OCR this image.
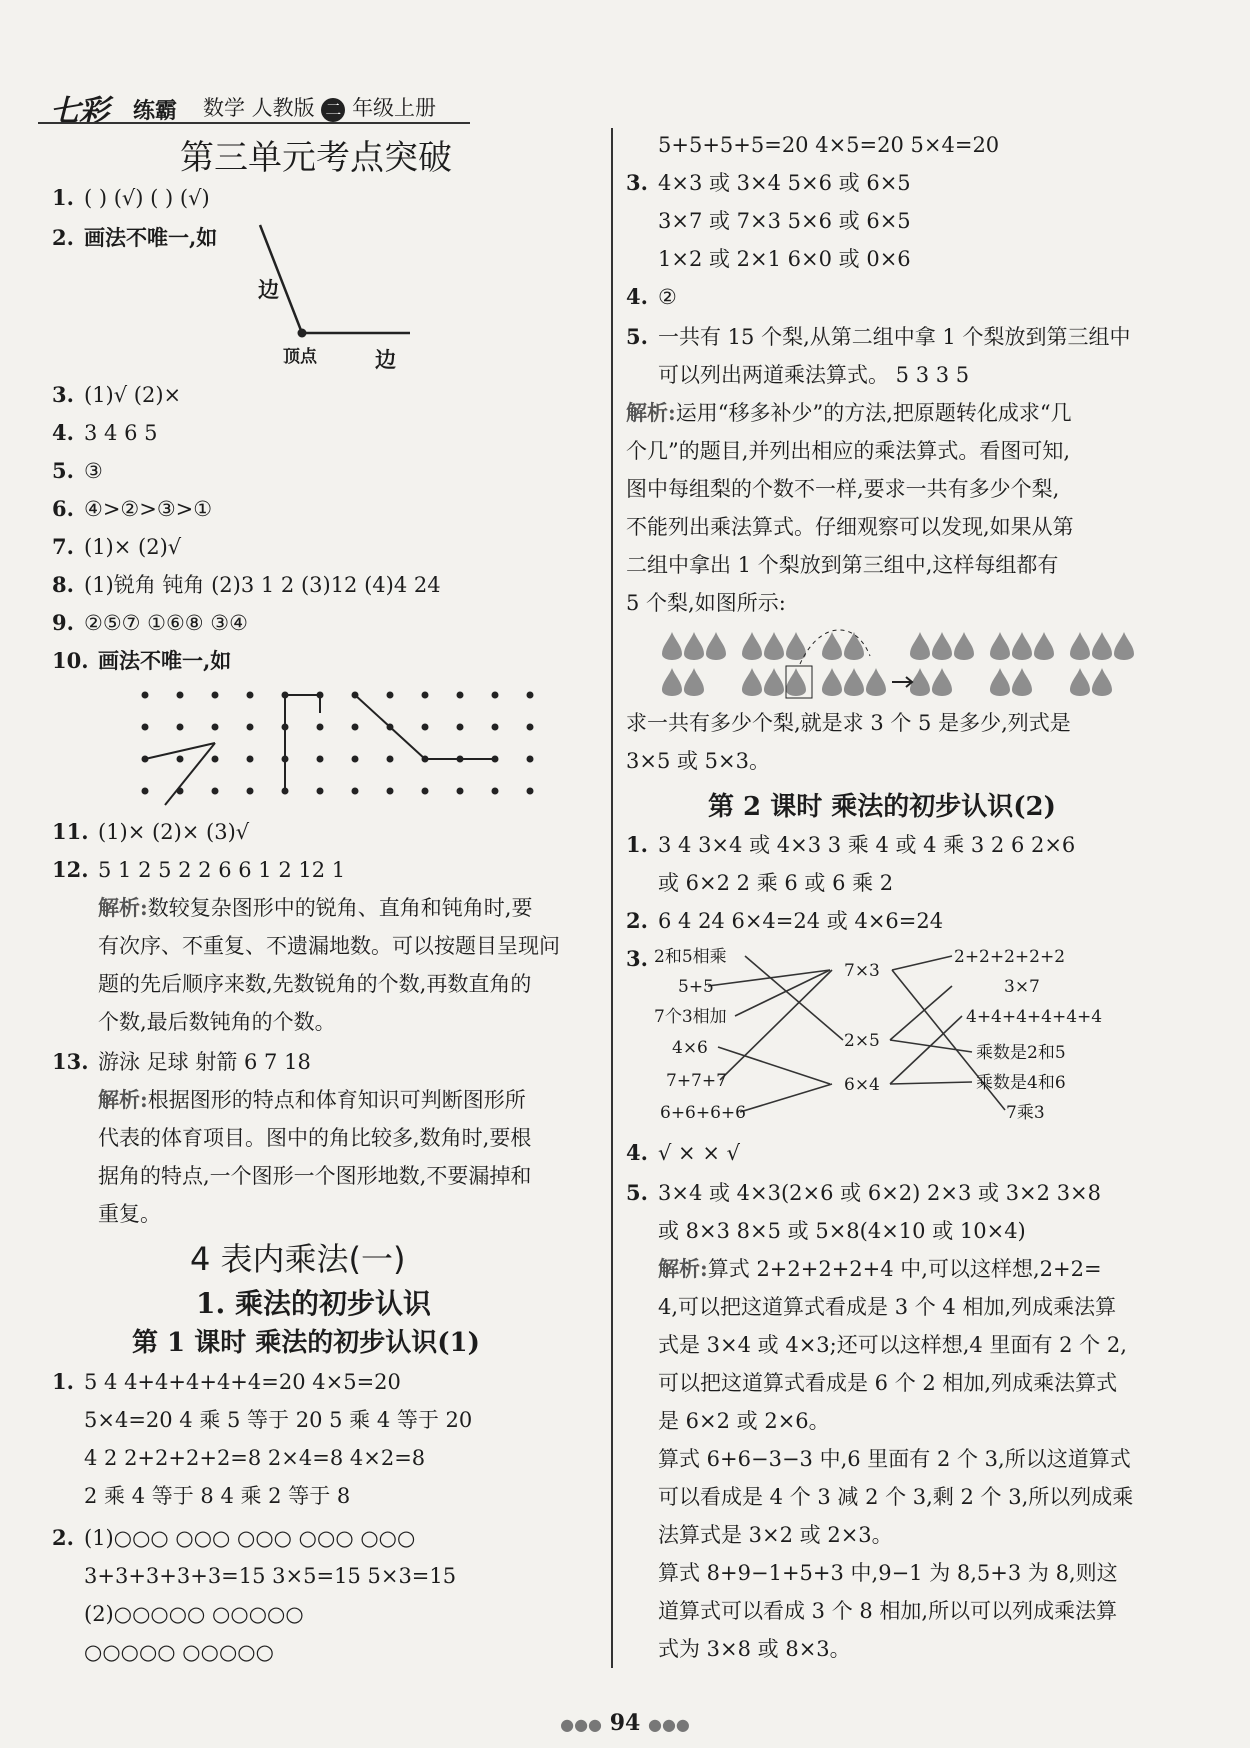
七彩 练霸 数学 人教版 二 年级上册
第三单元考点突破
1. ( ) (√) ( ) (√)
2. 画法不唯一,如
边
顶点	边
3. (1)√ (2)×
4. 3 4 6 5
5. ③
6. ④>②>③>①
7. (1)× (2)√
8. (1)锐角 钝角 (2)3 1 2 (3)12 (4)4 24
9. ②⑤⑦ ①⑥⑧ ③④
10. 画法不唯一,如
11. (1)× (2)× (3)√
12. 5 1 2 5 2 2 6 6 1 2 12 1
解析:数较复杂图形中的锐角、直角和钝角时,要
有次序、不重复、不遗漏地数。可以按题目呈现问
题的先后顺序来数,先数锐角的个数,再数直角的
个数,最后数钝角的个数。
13. 游泳 足球 射箭 6 7 18
解析:根据图形的特点和体育知识可判断图形所
代表的体育项目。图中的角比较多,数角时,要根
据角的特点,一个图形一个图形地数,不要漏掉和
重复。
4 表内乘法(一)
1. 乘法的初步认识
第 1 课时 乘法的初步认识(1)
1. 5 4 4+4+4+4+4=20 4×5=20
5×4=20 4 乘 5 等于 20 5 乘 4 等于 20
4 2 2+2+2+2=8 2×4=8 4×2=8
2 乘 4 等于 8 4 乘 2 等于 8
2. (1)○○○ ○○○ ○○○ ○○○ ○○○
3+3+3+3+3=15 3×5=15 5×3=15
(2)○○○○○ ○○○○○
○○○○○ ○○○○○
5+5+5+5=20 4×5=20 5×4=20
3. 4×3 或 3×4 5×6 或 6×5
3×7 或 7×3 5×6 或 6×5
1×2 或 2×1 6×0 或 0×6
4. ②
5. 一共有 15 个梨,从第二组中拿 1 个梨放到第三组中
可以列出两道乘法算式。 5 3 3 5
解析:运用“移多补少”的方法,把原题转化成求“几
个几”的题目,并列出相应的乘法算式。看图可知,
图中每组梨的个数不一样,要求一共有多少个梨,
不能列出乘法算式。仔细观察可以发现,如果从第
二组中拿出 1 个梨放到第三组中,这样每组都有
5 个梨,如图所示:
求一共有多少个梨,就是求 3 个 5 是多少,列式是
3×5 或 5×3。
第 2 课时 乘法的初步认识(2)
1. 3 4 3×4 或 4×3 3 乘 4 或 4 乘 3 2 6 2×6
或 6×2 2 乘 6 或 6 乘 2
2. 6 4 24 6×4=24 或 4×6=24
3. 2和5相乘
5+5
7个3相加
4×6
7+7+7
6+6+6+6
7×3
2×5
6×4
2+2+2+2+2
3×7
4+4+4+4+4+4
乘数是2和5
乘数是4和6
7乘3
4. √ × × √
5. 3×4 或 4×3(2×6 或 6×2) 2×3 或 3×2 3×8
或 8×3 8×5 或 5×8(4×10 或 10×4)
解析:算式 2+2+2+2+4 中,可以这样想,2+2=
4,可以把这道算式看成是 3 个 4 相加,列成乘法算
式是 3×4 或 4×3;还可以这样想,4 里面有 2 个 2,
可以把这道算式看成是 6 个 2 相加,列成乘法算式
是 6×2 或 2×6。
算式 6+6−3−3 中,6 里面有 2 个 3,所以这道算式
可以看成是 4 个 3 减 2 个 3,剩 2 个 3,所以列成乘
法算式是 3×2 或 2×3。
算式 8+9−1+5+3 中,9−1 为 8,5+3 为 8,则这
道算式可以看成 3 个 8 相加,所以可以列成乘法算
式为 3×8 或 8×3。
●●● 94 ●●●
